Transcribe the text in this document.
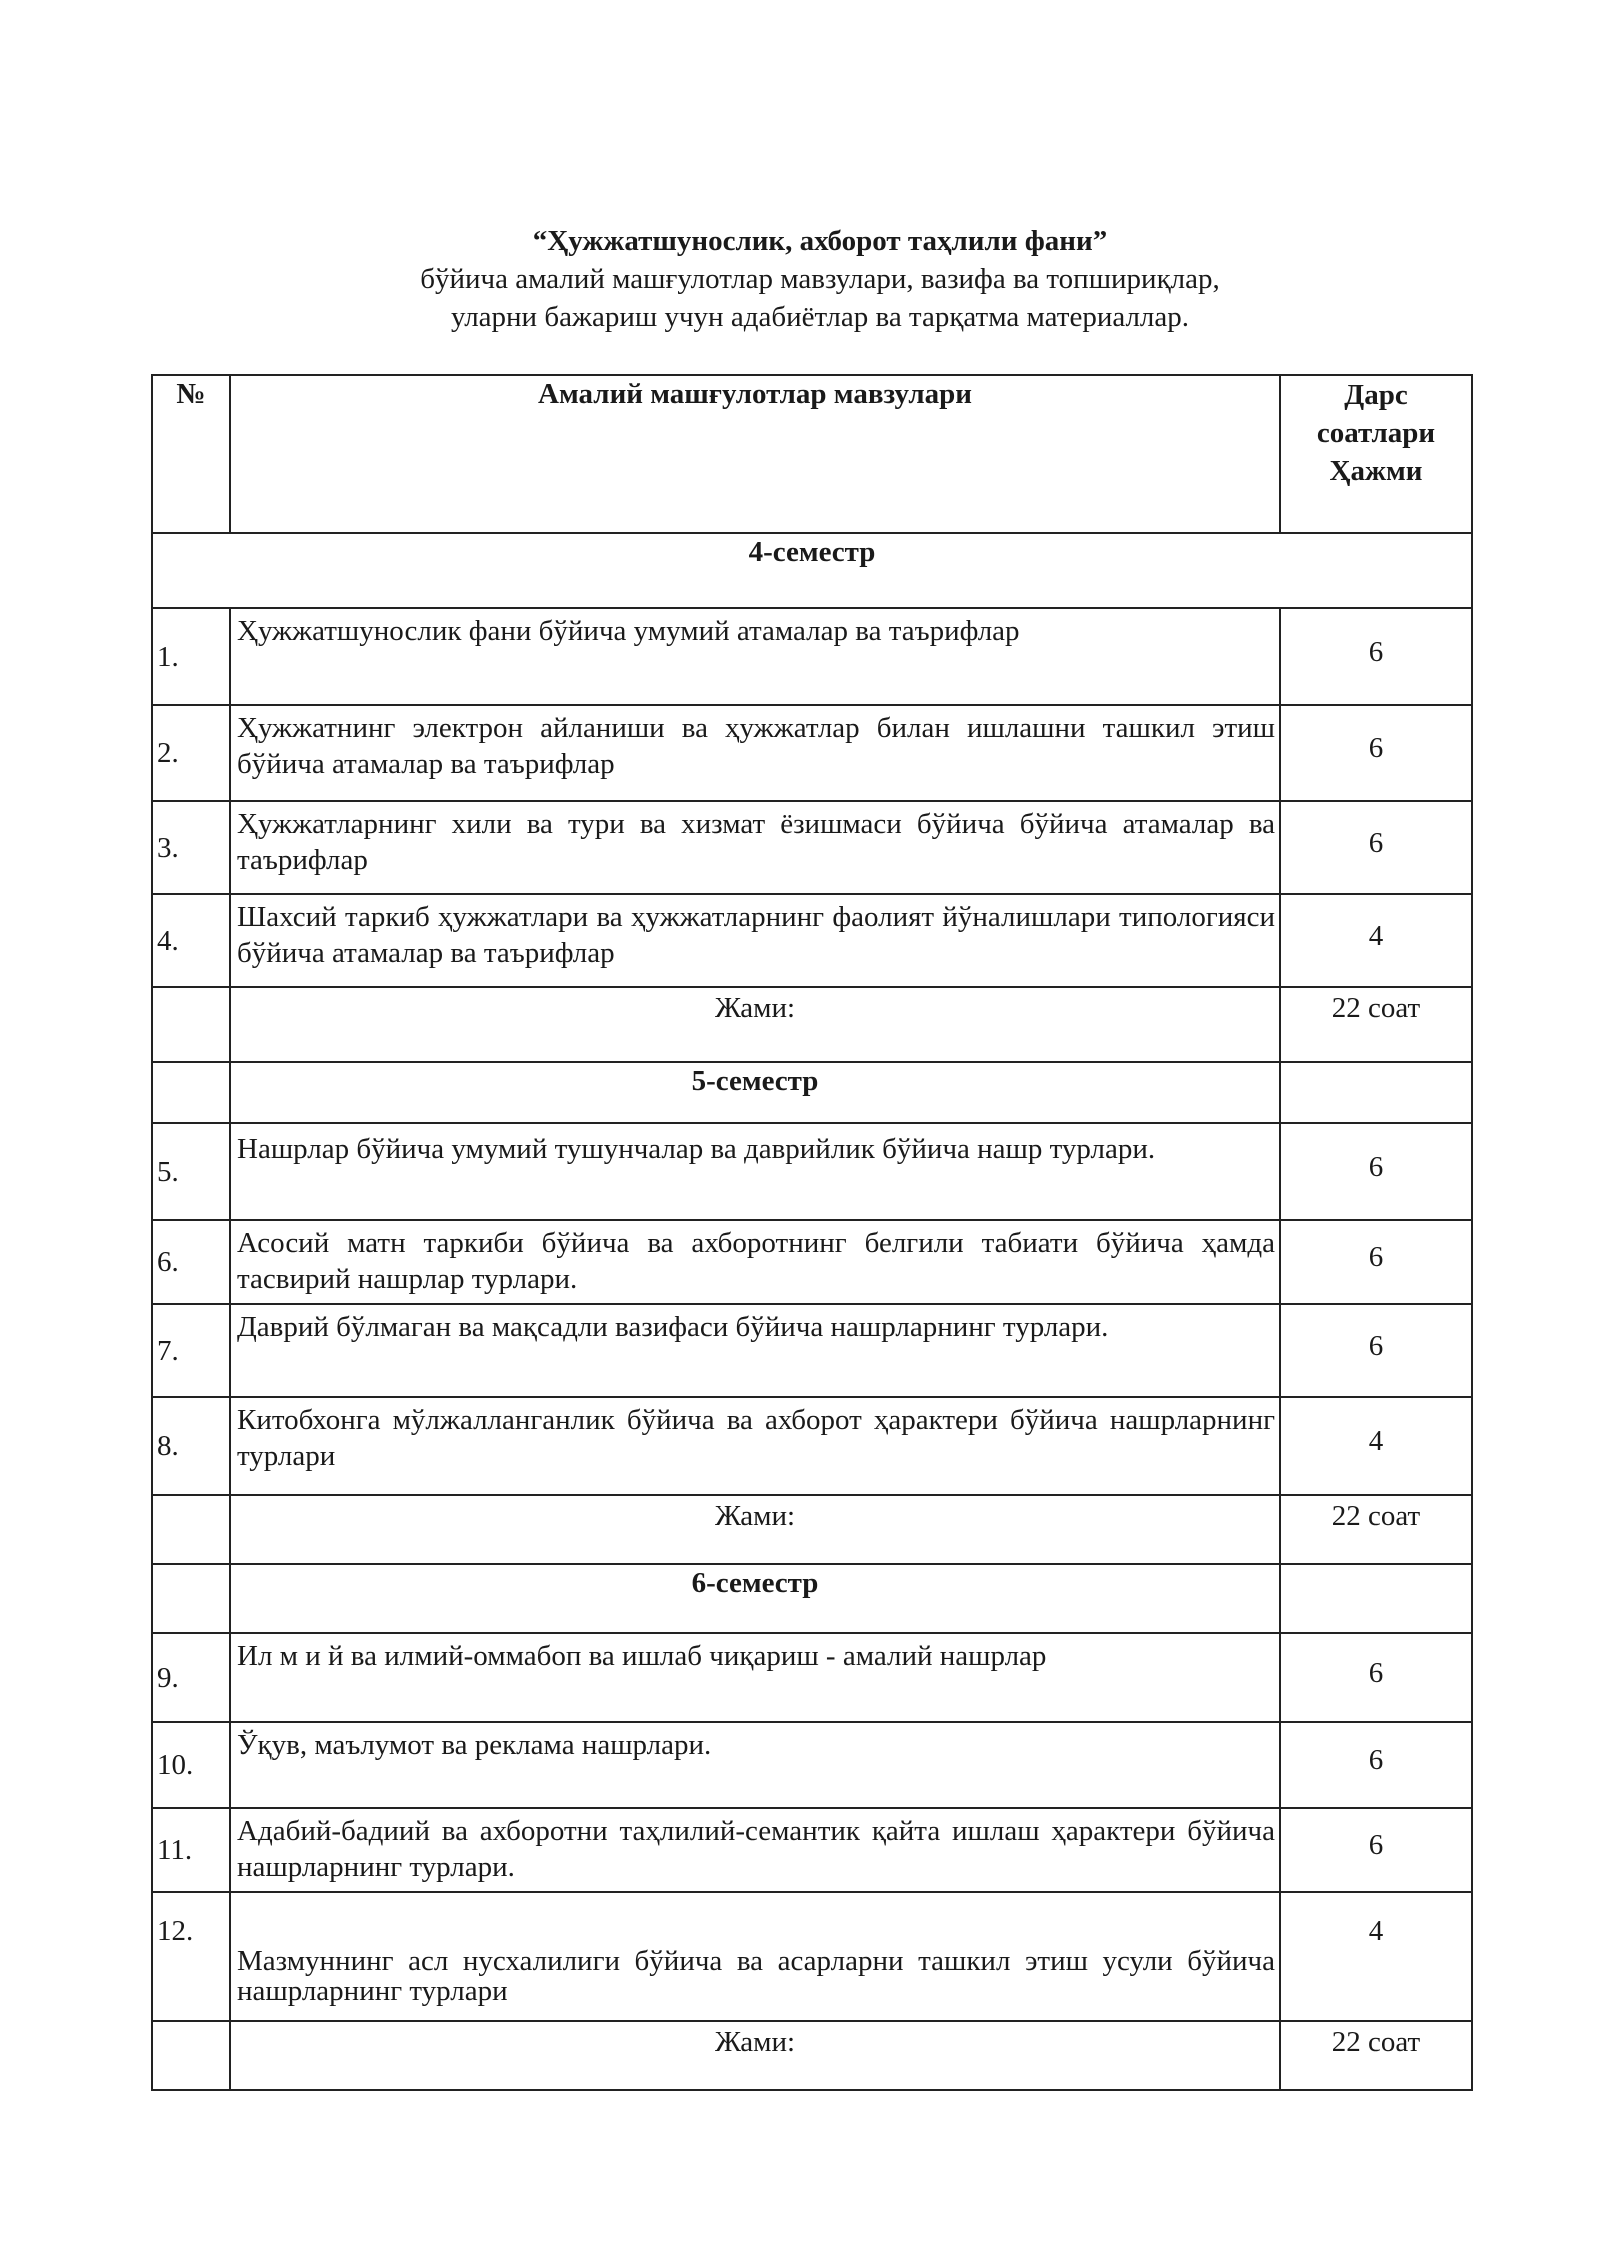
“Ҳужжатшунослик, ахборот таҳлили фани”
бўйича амалий машғулотлар мавзулари, вазифа ва топшириқлар,
уларни бажариш учун адабиётлар ва тарқатма материаллар.
№	Амалий машғулотлар мавзулари	Дарс
соатлари
Ҳажми
4-семестр		
1.	Ҳужжатшунослик фани бўйича умумий атамалар ва таърифлар	6
2.	Ҳужжатнинг электрон айланиши ва ҳужжатлар билан ишлашни ташкил этиш бўйича атамалар ва таърифлар	6
3.	Ҳужжатларнинг хили ва тури ва хизмат ёзишмаси бўйича бўйича атамалар ва таърифлар	6
4.	Шахсий таркиб ҳужжатлари ва ҳужжатларнинг фаолият йўналишлари типологияси бўйича атамалар ва таърифлар	4
	Жами:	22 соат
	5-семестр	
5.	Нашрлар бўйича умумий тушунчалар ва даврийлик бўйича нашр турлари.	6
6.	Асосий матн таркиби бўйича ва ахборотнинг белгили табиати бўйича ҳамда тасвирий нашрлар турлари.	6
7.	Даврий бўлмаган ва мақсадли вазифаси бўйича нашрларнинг турлари.	6
8.	Китобхонга мўлжалланганлик бўйича ва ахборот ҳарактери бўйича нашрларнинг турлари	4
	Жами:	22 соат
	6-семестр	
9.	Ил м и й ва илмий-оммабоп ва ишлаб чиқариш - амалий нашрлар	6
10.	Ўқув, маълумот ва реклама нашрлари.	6
11.	Адабий-бадиий ва ахборотни таҳлилий-семантик қайта ишлаш ҳарактери бўйича нашрларнинг турлари.	6
12.	Мазмуннинг асл нусхалилиги бўйича ва асарларни ташкил этиш усули бўйича нашрларнинг турлари	4
	Жами:	22 соат
